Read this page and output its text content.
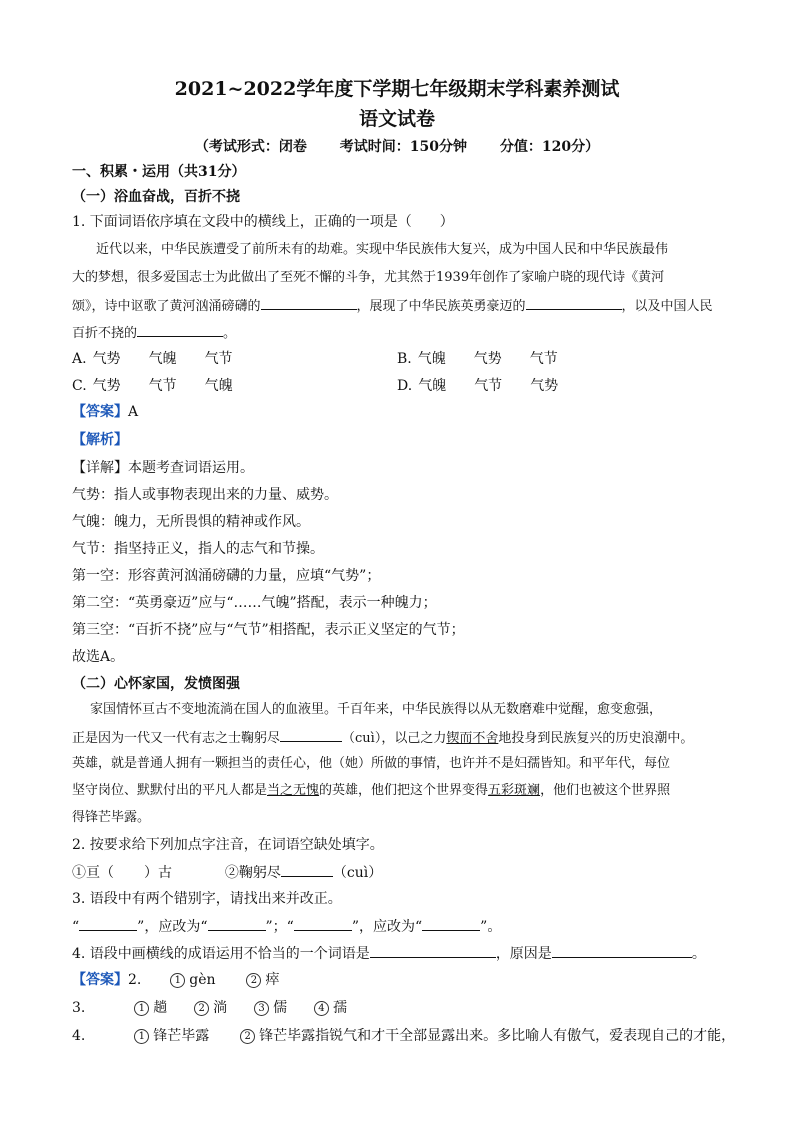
2021~2022学年度下学期七年级期末学科素养测试
语文试卷
（考试形式：闭卷 考试时间：150分钟 分值：120分）
一、积累・运用（共31分）
（一）浴血奋战，百折不挠
1. 下面词语依序填在文段中的横线上，正确的一项是（　　）
近代以来，中华民族遭受了前所未有的劫难。实现中华民族伟大复兴，成为中国人民和中华民族最伟
大的梦想，很多爱国志士为此做出了至死不懈的斗争，尤其然于1939年创作了家喻户晓的现代诗《黄河
颂》，诗中讴歌了黄河汹涌磅礴的	，展现了中华民族英勇豪迈的	，以及中国人民
百折不挠的	。
A. 气势 气魄 气节	B. 气魄 气势 气节
C. 气势 气节 气魄	D. 气魄 气节 气势
【答案】A
【解析】
【详解】本题考查词语运用。
气势：指人或事物表现出来的力量、威势。
气魄：魄力，无所畏惧的精神或作风。
气节：指坚持正义，指人的志气和节操。
第一空：形容黄河汹涌磅礴的力量，应填“气势”；
第二空：“英勇豪迈”应与“……气魄”搭配，表示一种魄力；
第三空：“百折不挠”应与“气节”相搭配，表示正义坚定的气节；
故选A。
（二）心怀家国，发愤图强
家国情怀亘古不变地流淌在国人的血液里。千百年来，中华民族得以从无数磨难中觉醒，愈变愈强，
正是因为一代又一代有志之士鞠躬尽	（cuì），以己之力锲而不舍地投身到民族复兴的历史浪潮中。
英雄，就是普通人拥有一颗担当的责任心，他（她）所做的事情，也许并不是妇孺皆知。和平年代，每位
坚守岗位、默默付出的平凡人都是当之无愧的英雄，他们把这个世界变得五彩斑斓，他们也被这个世界照
得锋芒毕露。
2. 按要求给下列加点字注音，在词语空缺处填字。
①亘（ ）古	②鞠躬尽	（cuì）
3. 语段中有两个错别字，请找出来并改正。
“	”，应改为“	”；“	”，应改为“	”。
4. 语段中画横线的成语运用不恰当的一个词语是	，原因是	。
【答案】2.	1 gèn	2 瘁
3.	1 趟	2 淌	3 儒	4 孺
4.	1 锋芒毕露	2 锋芒毕露指锐气和才干全部显露出来。多比喻人有傲气，爱表现自己的才能，
